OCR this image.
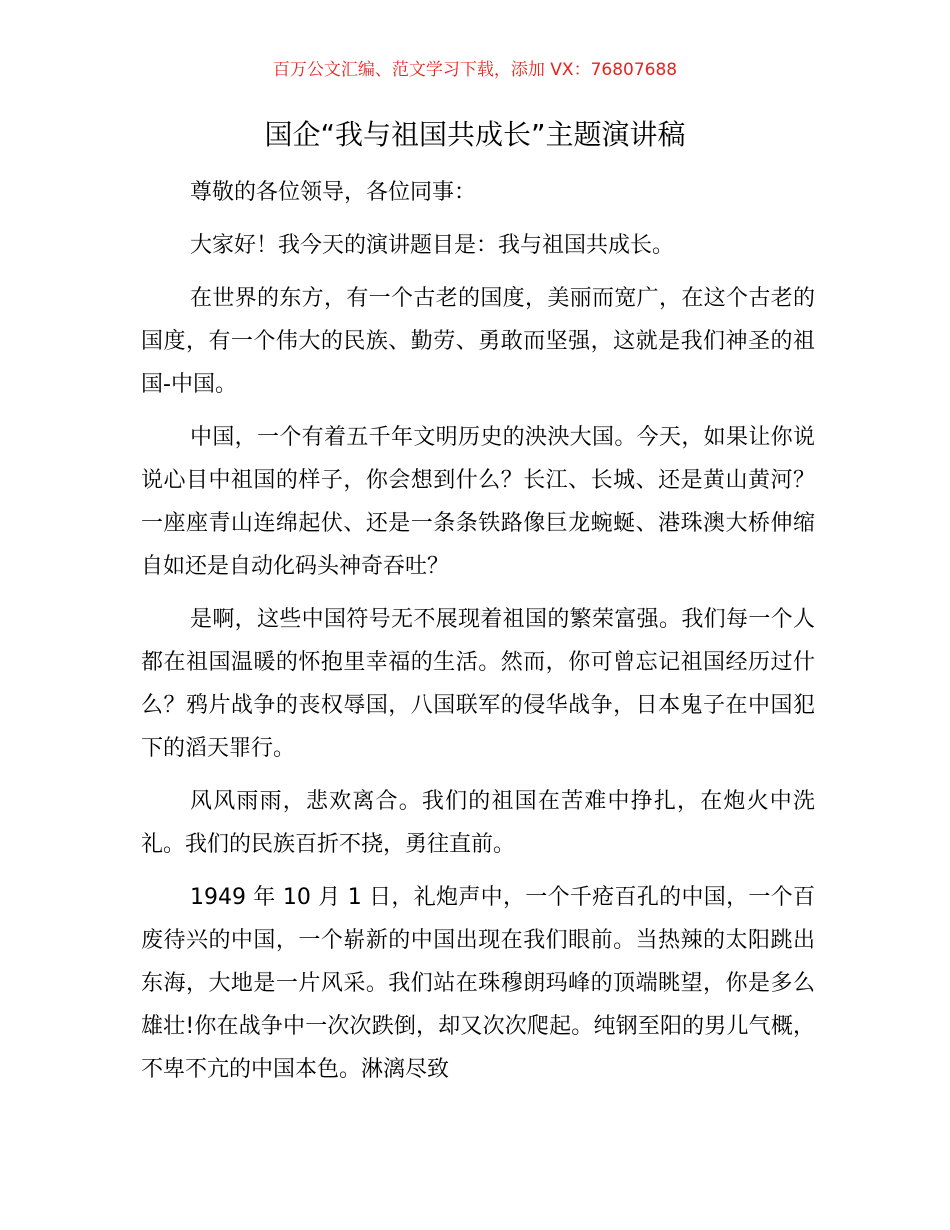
百万公文汇编、范文学习下载，添加 VX：76807688
国企“我与祖国共成长”主题演讲稿

尊敬的各位领导，各位同事：

大家好！我今天的演讲题目是：我与祖国共成长。

在世界的东方，有一个古老的国度，美丽而宽广，在这个古老的国度，有一个伟大的民族、勤劳、勇敢而坚强，这就是我们神圣的祖国-中国。

中国，一个有着五千年文明历史的泱泱大国。今天，如果让你说说心目中祖国的样子，你会想到什么？长江、长城、还是黄山黄河？一座座青山连绵起伏、还是一条条铁路像巨龙蜿蜒、港珠澳大桥伸缩自如还是自动化码头神奇吞吐？

是啊，这些中国符号无不展现着祖国的繁荣富强。我们每一个人都在祖国温暖的怀抱里幸福的生活。然而，你可曾忘记祖国经历过什么？鸦片战争的丧权辱国，八国联军的侵华战争，日本鬼子在中国犯下的滔天罪行。

风风雨雨，悲欢离合。我们的祖国在苦难中挣扎，在炮火中洗礼。我们的民族百折不挠，勇往直前。

1949 年 10 月 1 日，礼炮声中，一个千疮百孔的中国，一个百废待兴的中国，一个崭新的中国出现在我们眼前。当热辣的太阳跳出东海，大地是一片风采。我们站在珠穆朗玛峰的顶端眺望，你是多么雄壮!你在战争中一次次跌倒，却又次次爬起。纯钢至阳的男儿气概，不卑不亢的中国本色。淋漓尽致
